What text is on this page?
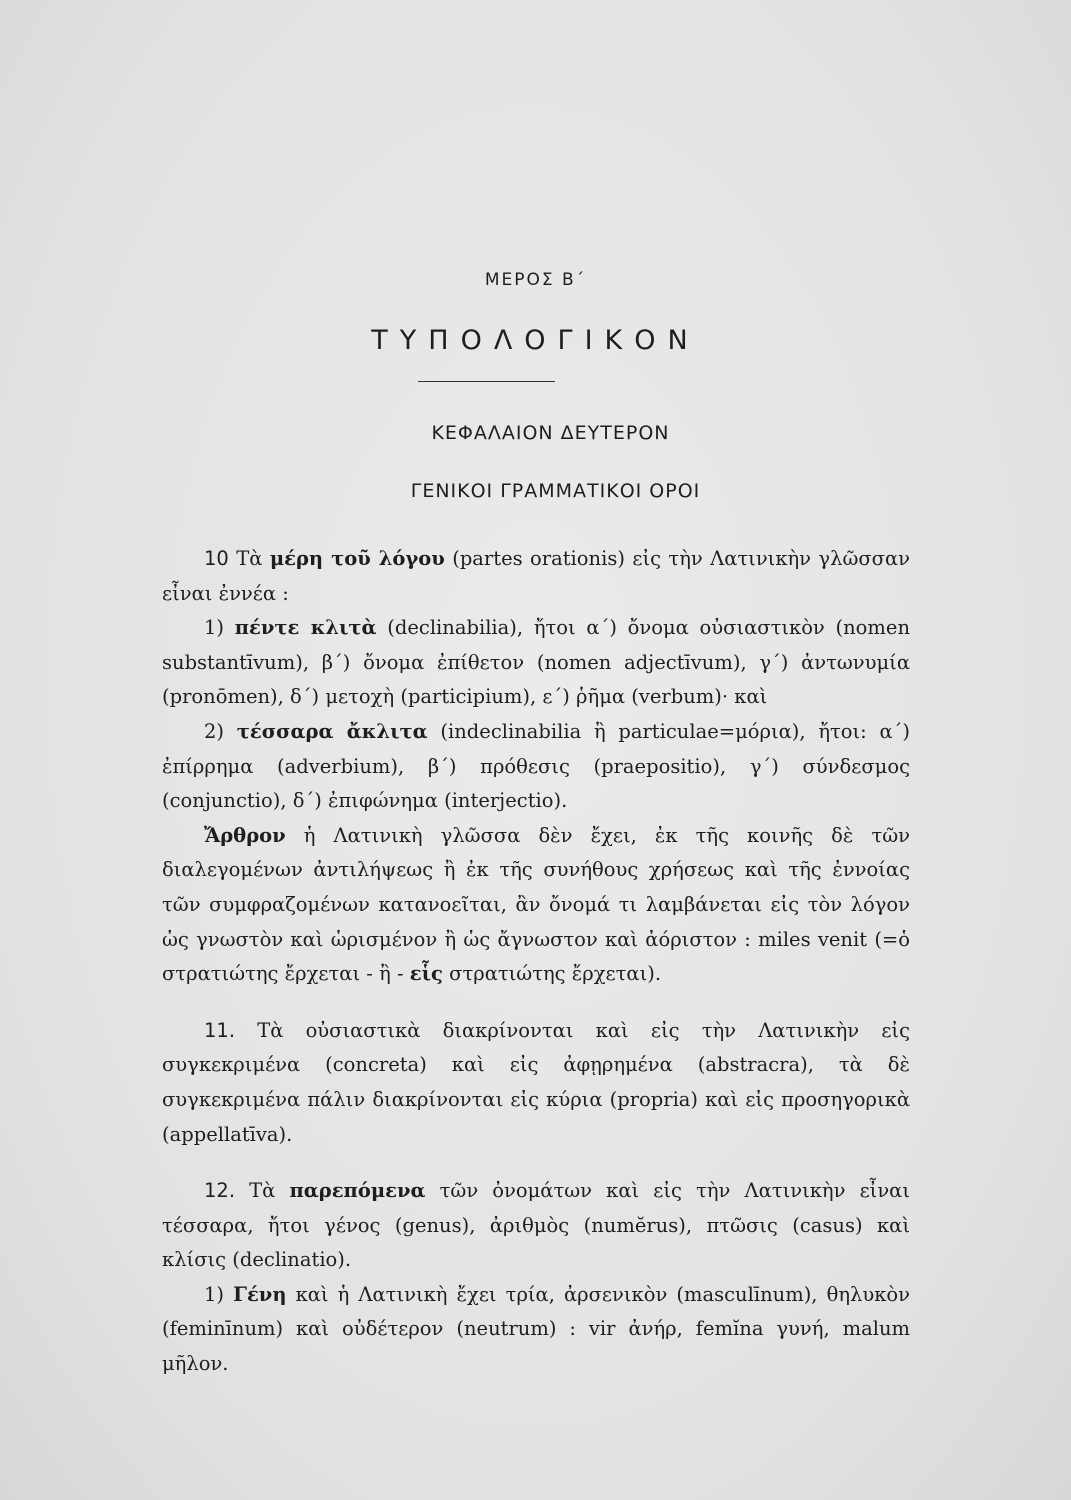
ΜΕΡΟΣ Β΄
ΤΥΠΟΛΟΓΙΚΟΝ
ΚΕΦΑΛΑΙΟΝ ΔΕΥΤΕΡΟΝ
ΓΕΝΙΚΟΙ ΓΡΑΜΜΑΤΙΚΟΙ ΟΡΟΙ

10 Τὰ μέρη τοῦ λόγου (partes orationis) εἰς τὴν Λατινικὴν γλῶσσαν εἶναι ἐννέα :

1) πέντε κλιτὰ (declinabilia), ἤτοι α΄) ὄνομα οὐσιαστικὸν (nomen substantīvum), β΄) ὄνομα ἐπίθετον (nomen adjectīvum), γ΄) ἀντωνυμία (pronōmen), δ΄) μετοχὴ (participium), ε΄) ῥῆμα (verbum)· καὶ

2) τέσσαρα ἄκλιτα (indeclinabilia ἢ particulae=μόρια), ἤτοι: α΄) ἐπίρρημα (adverbium), β΄) πρόθεσις (praepositio), γ΄) σύνδεσμος (conjunctio), δ΄) ἐπιφώνημα (interjectio).

Ἄρθρον ἡ Λατινικὴ γλῶσσα δὲν ἔχει, ἐκ τῆς κοινῆς δὲ τῶν διαλεγομένων ἀντιλήψεως ἢ ἐκ τῆς συνήθους χρήσεως καὶ τῆς ἐννοίας τῶν συμφραζομένων κατανοεῖται, ἂν ὄνομά τι λαμβάνεται εἰς τὸν λόγον ὡς γνωστὸν καὶ ὡρισμένον ἢ ὡς ἄγνωστον καὶ ἀόριστον : miles venit (=ὁ στρατιώτης ἔρχεται - ἢ - εἷς στρατιώτης ἔρχεται).

11. Τὰ οὐσιαστικὰ διακρίνονται καὶ εἰς τὴν Λατινικὴν εἰς συγκεκριμένα (concreta) καὶ εἰς ἀφῃρημένα (abstracra), τὰ δὲ συγκεκριμένα πάλιν διακρίνονται εἰς κύρια (propria) καὶ εἰς προσηγορικὰ (appellatīva).

12. Τὰ παρεπόμενα τῶν ὀνομάτων καὶ εἰς τὴν Λατινικὴν εἶναι τέσσαρα, ἤτοι γένος (genus), ἀριθμὸς (numĕrus), πτῶσις (casus) καὶ κλίσις (declinatio).

1) Γένη καὶ ἡ Λατινικὴ ἔχει τρία, ἀρσενικὸν (masculīnum), θηλυκὸν (feminīnum) καὶ οὐδέτερον (neutrum) : vir ἀνήρ, femĭna γυνή, malum μῆλον.
